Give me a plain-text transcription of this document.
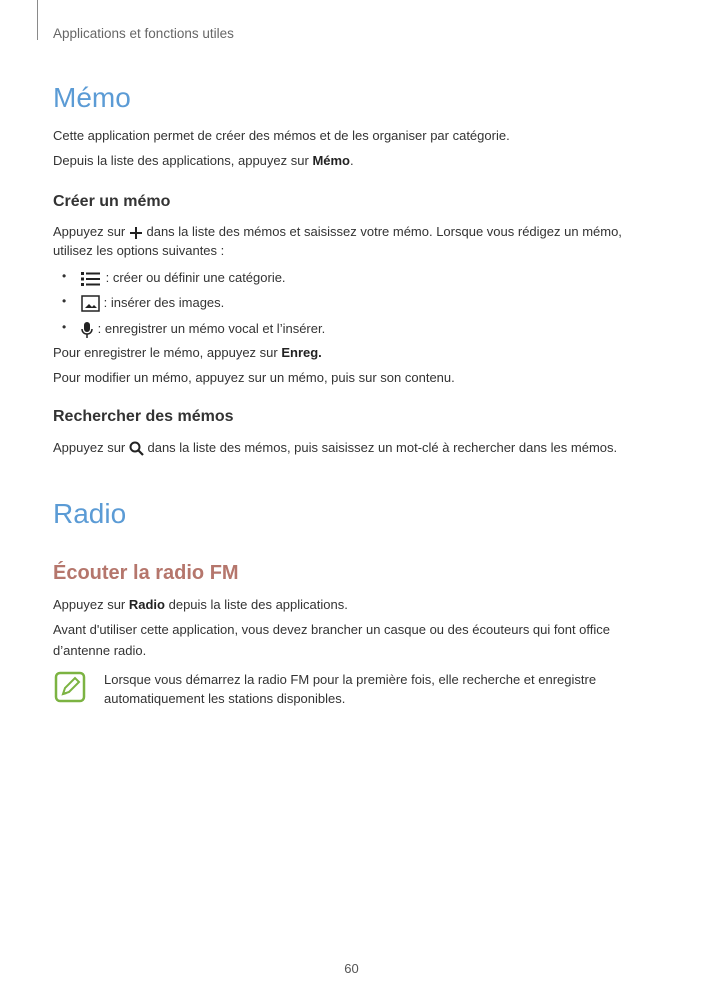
Applications et fonctions utiles
Mémo
Cette application permet de créer des mémos et de les organiser par catégorie.
Depuis la liste des applications, appuyez sur Mémo.
Créer un mémo
Appuyez sur  dans la liste des mémos et saisissez votre mémo. Lorsque vous rédigez un mémo,
utilisez les options suivantes :
•	: créer ou définir une catégorie.
•	: insérer des images.
•	: enregistrer un mémo vocal et l’insérer.
Pour enregistrer le mémo, appuyez sur Enreg.
Pour modifier un mémo, appuyez sur un mémo, puis sur son contenu.
Rechercher des mémos
Appuyez sur  dans la liste des mémos, puis saisissez un mot-clé à rechercher dans les mémos.
Radio
Écouter la radio FM
Appuyez sur Radio depuis la liste des applications.
Avant d'utiliser cette application, vous devez brancher un casque ou des écouteurs qui font office
d’antenne radio.
Lorsque vous démarrez la radio FM pour la première fois, elle recherche et enregistre
automatiquement les stations disponibles.
60
